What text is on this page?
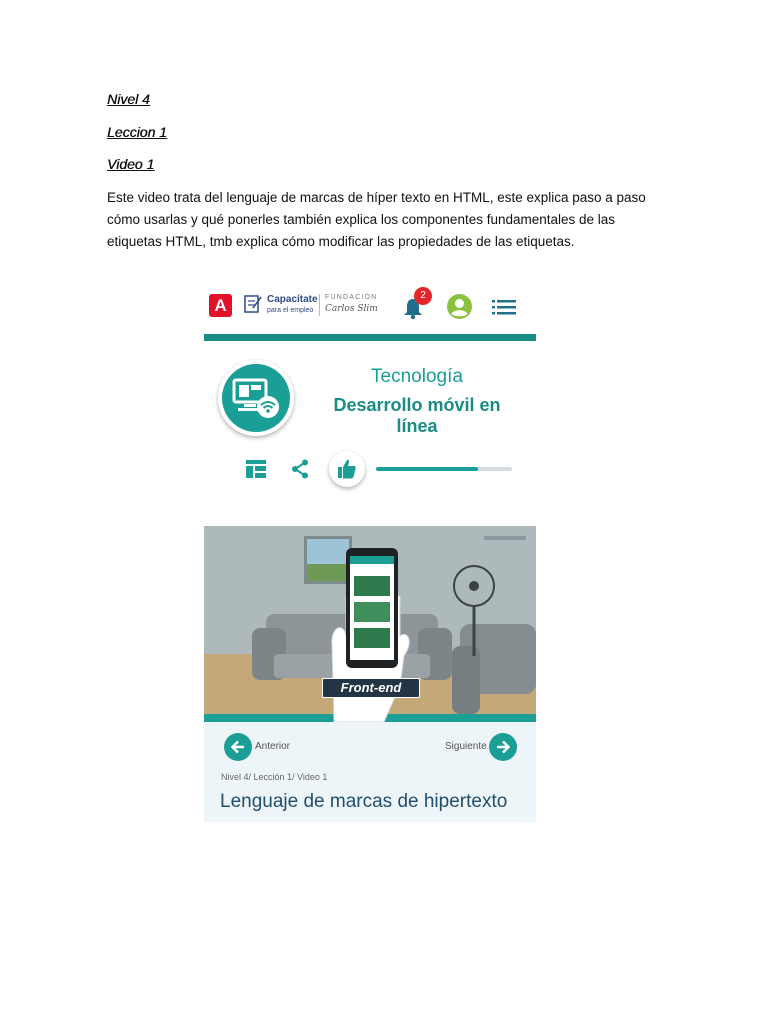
Nivel 4
Leccion 1
Video 1

Este video trata del lenguaje de marcas de híper texto en HTML, este explica paso a paso cómo usarlas y qué ponerles también explica los componentes fundamentales de las etiquetas HTML, tmb explica cómo modificar las propiedades de las etiquetas.

A	Capacítate
para el empleo
FUNDACIÓN
Carlos Slim
2
Tecnología
Desarrollo móvil en línea
Front-end
Anterior	Siguiente
Nivel 4/ Lección 1/ Video 1
Lenguaje de marcas de hipertexto
